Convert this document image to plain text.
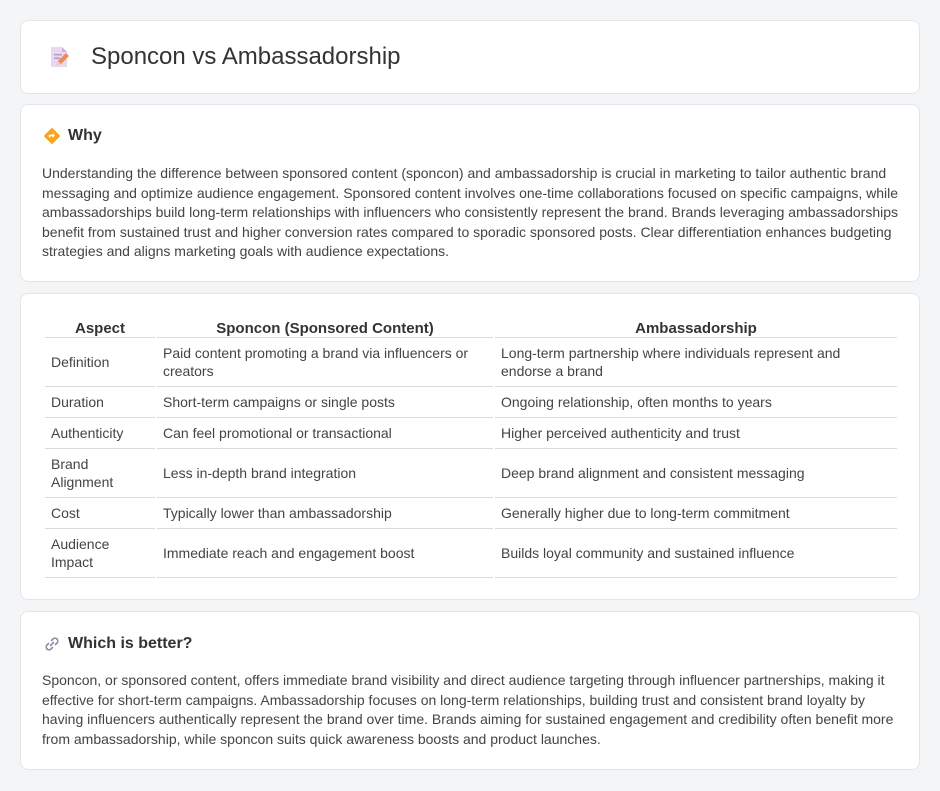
Sponcon vs Ambassadorship
Why

Understanding the difference between sponsored content (sponcon) and ambassadorship is crucial in marketing to tailor authentic brand messaging and optimize audience engagement. Sponsored content involves one-time collaborations focused on specific campaigns, while ambassadorships build long-term relationships with influencers who consistently represent the brand. Brands leveraging ambassadorships benefit from sustained trust and higher conversion rates compared to sporadic sponsored posts. Clear differentiation enhances budgeting strategies and aligns marketing goals with audience expectations.

Aspect	Sponcon (Sponsored Content)	Ambassadorship
Definition	Paid content promoting a brand via influencers or creators	Long-term partnership where individuals represent and endorse a brand
Duration	Short-term campaigns or single posts	Ongoing relationship, often months to years
Authenticity	Can feel promotional or transactional	Higher perceived authenticity and trust
Brand Alignment	Less in-depth brand integration	Deep brand alignment and consistent messaging
Cost	Typically lower than ambassadorship	Generally higher due to long-term commitment
Audience Impact	Immediate reach and engagement boost	Builds loyal community and sustained influence
Which is better?

Sponcon, or sponsored content, offers immediate brand visibility and direct audience targeting through influencer partnerships, making it effective for short-term campaigns. Ambassadorship focuses on long-term relationships, building trust and consistent brand loyalty by having influencers authentically represent the brand over time. Brands aiming for sustained engagement and credibility often benefit more from ambassadorship, while sponcon suits quick awareness boosts and product launches.
